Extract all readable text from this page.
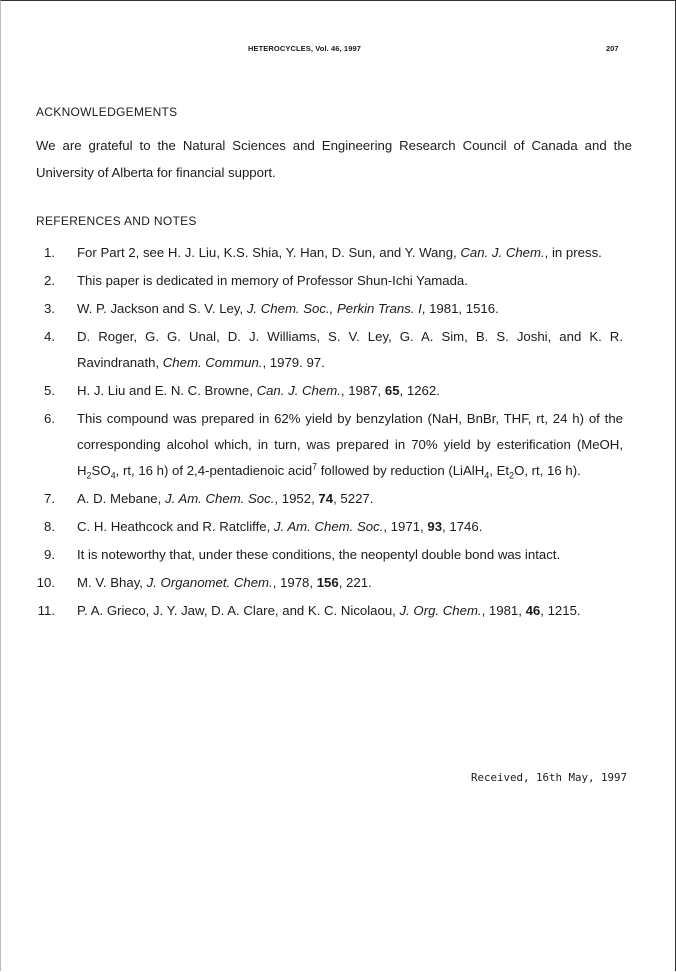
HETEROCYCLES, Vol. 46, 1997	207
ACKNOWLEDGEMENTS

We are grateful to the Natural Sciences and Engineering Research Council of Canada and the University of Alberta for financial support.

REFERENCES AND NOTES
1. For Part 2, see H. J. Liu, K.S. Shia, Y. Han, D. Sun, and Y. Wang, Can. J. Chem., in press.
2. This paper is dedicated in memory of Professor Shun-Ichi Yamada.
3. W. P. Jackson and S. V. Ley, J. Chem. Soc., Perkin Trans. I, 1981, 1516.
4. D. Roger, G. G. Unal, D. J. Williams, S. V. Ley, G. A. Sim, B. S. Joshi, and K. R. Ravindranath, Chem. Commun., 1979. 97.
5. H. J. Liu and E. N. C. Browne, Can. J. Chem., 1987, 65, 1262.
6. This compound was prepared in 62% yield by benzylation (NaH, BnBr, THF, rt, 24 h) of the corresponding alcohol which, in turn, was prepared in 70% yield by esterification (MeOH, $H_2SO_4$, rt, 16 h) of 2,4-pentadienoic acid$^7$ followed by reduction (LiAlH$_4$, $Et_2O$, rt, 16 h).
7. A. D. Mebane, J. Am. Chem. Soc., 1952, 74, 5227.
8. C. H. Heathcock and R. Ratcliffe, J. Am. Chem. Soc., 1971, 93, 1746.
9. It is noteworthy that, under these conditions, the neopentyl double bond was intact.
10. M. V. Bhay, J. Organomet. Chem., 1978, 156, 221.
11. P. A. Grieco, J. Y. Jaw, D. A. Clare, and K. C. Nicolaou, J. Org. Chem., 1981, 46, 1215.
Received, 16th May, 1997
